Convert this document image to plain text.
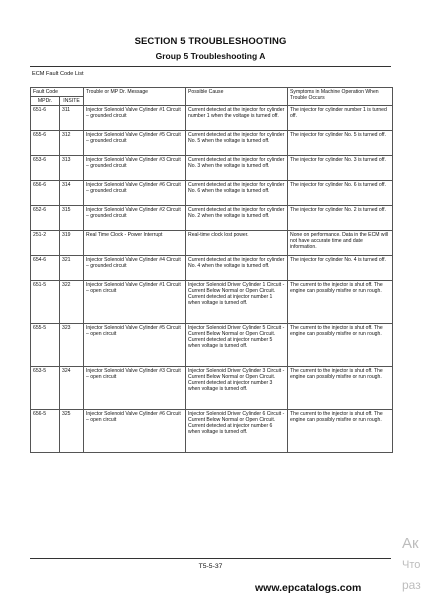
SECTION 5 TROUBLESHOOTING
Group 5 Troubleshooting A
ECM Fault Code List
Fault Code		Trouble or MP Dr. Message	Possible Cause	Symptoms in Machine Operation When Trouble Occurs
MPDr.	INSITE			
651-6	311	Injector Solenoid Valve Cylinder #1 Circuit – grounded circuit	Current detected at the injector for cylinder number 1 when the voltage is turned off.	The injector for cylinder number 1 is turned off.
655-6	312	Injector Solenoid Valve Cylinder #5 Circuit – grounded circuit	Current detected at the injector for cylinder No. 5 when the voltage is turned off.	The injector for cylinder No. 5 is turned off.
653-6	313	Injector Solenoid Valve Cylinder #3 Circuit – grounded circuit	Current detected at the injector for cylinder No. 3 when the voltage is turned off.	The injector for cylinder No. 3 is turned off.
656-6	314	Injector Solenoid Valve Cylinder #6 Circuit – grounded circuit	Current detected at the injector for cylinder No. 6 when the voltage is turned off.	The injector for cylinder No. 6 is turned off.
652-6	315	Injector Solenoid Valve Cylinder #2 Circuit – grounded circuit	Current detected at the injector for cylinder No. 2 when the voltage is turned off.	The injector for cylinder No. 2 is turned off.
251-2	319	Real Time Clock - Power Interrupt	Real-time clock lost power.	None on performance. Data in the ECM will not have accurate time and date information.
654-6	321	Injector Solenoid Valve Cylinder #4 Circuit – grounded circuit	Current detected at the injector for cylinder No. 4 when the voltage is turned off.	The injector for cylinder No. 4 is turned off.
651-5	322	Injector Solenoid Valve Cylinder #1 Circuit – open circuit	Injector Solenoid Driver Cylinder 1 Circuit - Current Below Normal or Open Circuit. Current detected at injector number 1 when voltage is turned off.	The current to the injector is shut off. The engine can possibly misfire or run rough.
655-5	323	Injector Solenoid Valve Cylinder #5 Circuit – open circuit	Injector Solenoid Driver Cylinder 5 Circuit - Current Below Normal or Open Circuit. Current detected at injector number 5 when voltage is turned off.	The current to the injector is shut off. The engine can possibly misfire or run rough.
653-5	324	Injector Solenoid Valve Cylinder #3 Circuit – open circuit	Injector Solenoid Driver Cylinder 3 Circuit - Current Below Normal or Open Circuit. Current detected at injector number 3 when voltage is turned off.	The current to the injector is shut off. The engine can possibly misfire or run rough.
656-5	325	Injector Solenoid Valve Cylinder #6 Circuit – open circuit	Injector Solenoid Driver Cylinder 6 Circuit - Current Below Normal or Open Circuit. Current detected at injector number 6 when voltage is turned off.	The current to the injector is shut off. The engine can possibly misfire or run rough.
T5-5-37
www.epcatalogs.com
Ак
Что
раз
